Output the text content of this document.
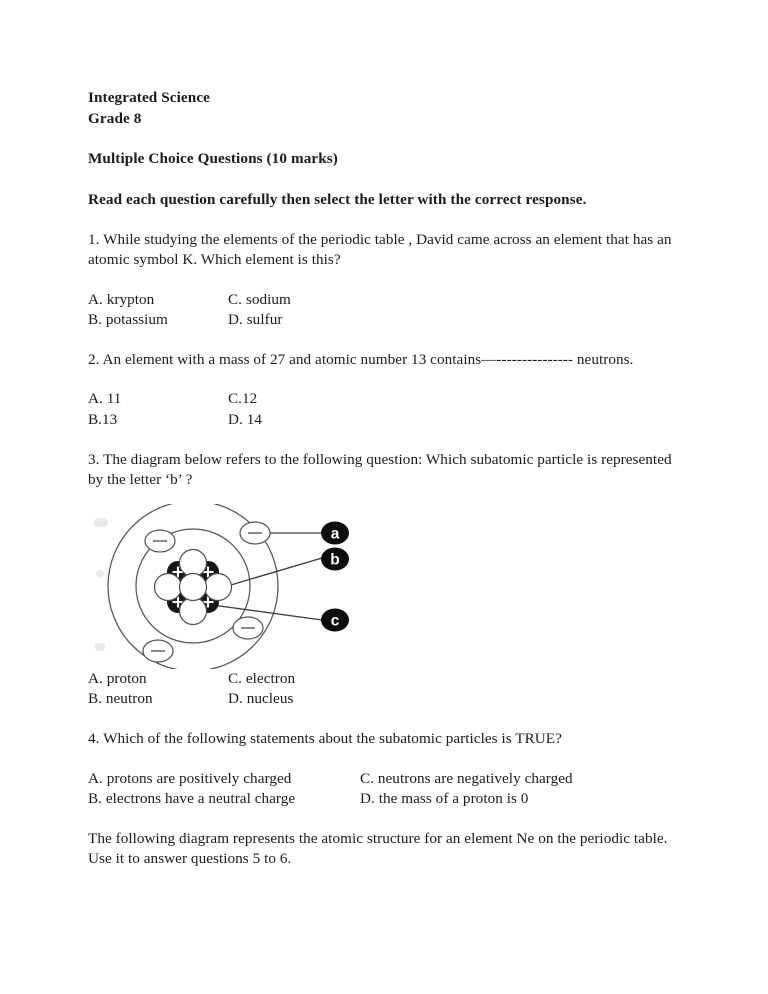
Integrated Science
Grade 8
Multiple Choice Questions (10 marks)
Read each question carefully then select the letter with the correct response.
1. While studying the elements of the periodic table , David came across an element that has an
atomic symbol K. Which element is this?
A. krypton	C. sodium
B. potassium	D. sulfur
2. An element with a mass of 27 and atomic number 13 contains—--------------- neutrons.
A. 11	C.12
B.13	D. 14
3. The diagram below refers to the following question: Which subatomic particle is represented
by the letter ‘b’ ?
a
b
c
A. proton	C. electron
B. neutron	D. nucleus
4. Which of the following statements about the subatomic particles is TRUE?
A. protons are positively charged	C. neutrons are negatively charged
B. electrons have a neutral charge	D. the mass of a proton is 0
The following diagram represents the atomic structure for an element Ne on the periodic table.
Use it to answer questions 5 to 6.
